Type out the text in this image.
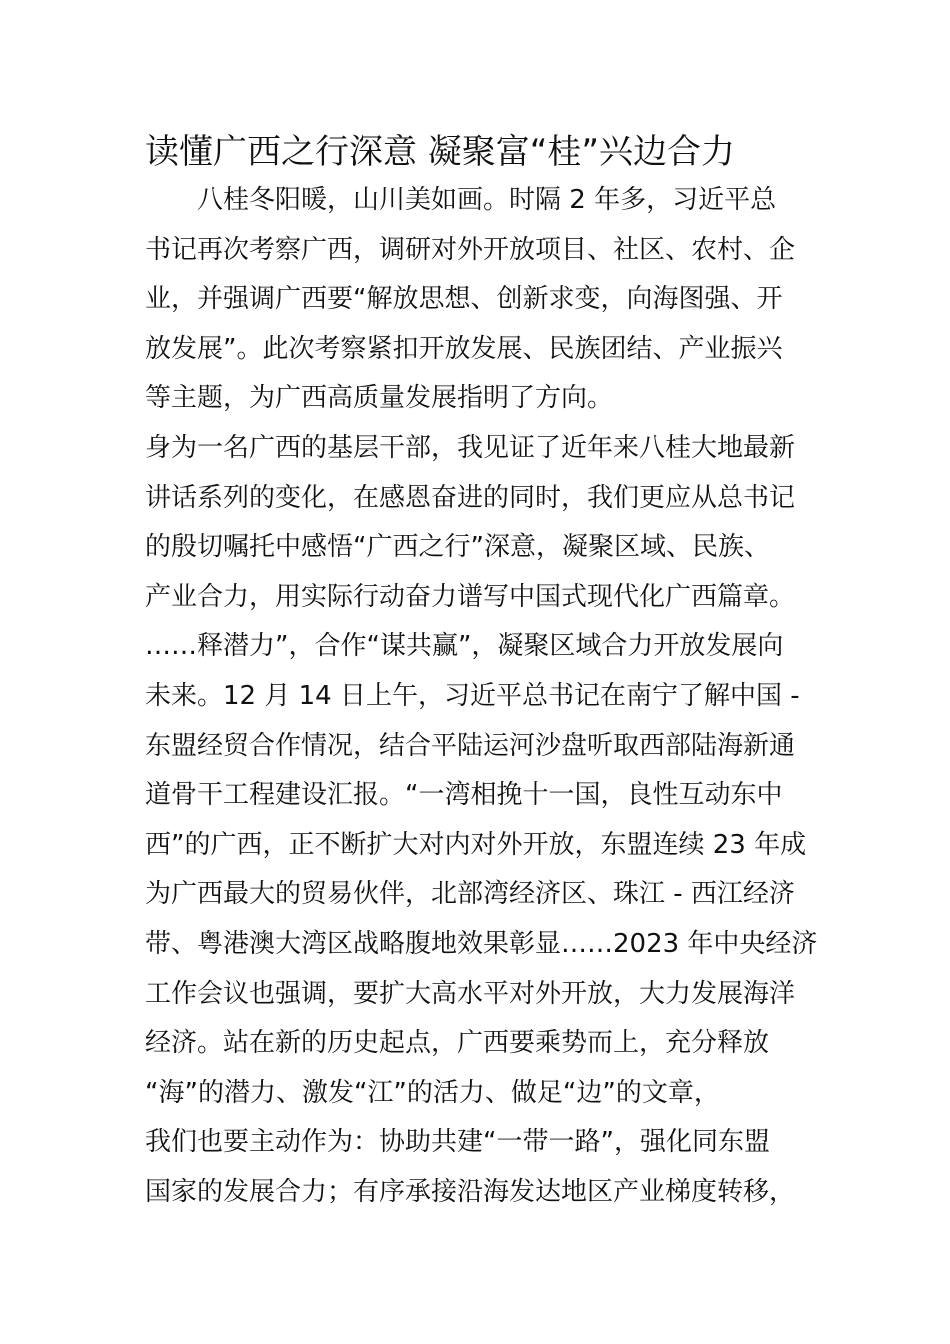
读懂广西之行深意 凝聚富“桂”兴边合力
　　八桂冬阳暖，山川美如画。时隔 2 年多，习近平总
书记再次考察广西，调研对外开放项目、社区、农村、企
业，并强调广西要“解放思想、创新求变，向海图强、开
放发展”。此次考察紧扣开放发展、民族团结、产业振兴
等主题，为广西高质量发展指明了方向。
身为一名广西的基层干部，我见证了近年来八桂大地最新
讲话系列的变化，在感恩奋进的同时，我们更应从总书记
的殷切嘱托中感悟“广西之行”深意，凝聚区域、民族、
产业合力，用实际行动奋力谱写中国式现代化广西篇章。
……释潜力”，合作“谋共赢”，凝聚区域合力开放发展向
未来。12 月 14 日上午，习近平总书记在南宁了解中国 -
东盟经贸合作情况，结合平陆运河沙盘听取西部陆海新通
道骨干工程建设汇报。“一湾相挽十一国，良性互动东中
西”的广西，正不断扩大对内对外开放，东盟连续 23 年成
为广西最大的贸易伙伴，北部湾经济区、珠江 - 西江经济
带、粤港澳大湾区战略腹地效果彰显……2023 年中央经济
工作会议也强调，要扩大高水平对外开放，大力发展海洋
经济。站在新的历史起点，广西要乘势而上，充分释放
“海”的潜力、激发“江”的活力、做足“边”的文章，
我们也要主动作为：协助共建“一带一路”，强化同东盟
国家的发展合力；有序承接沿海发达地区产业梯度转移，
